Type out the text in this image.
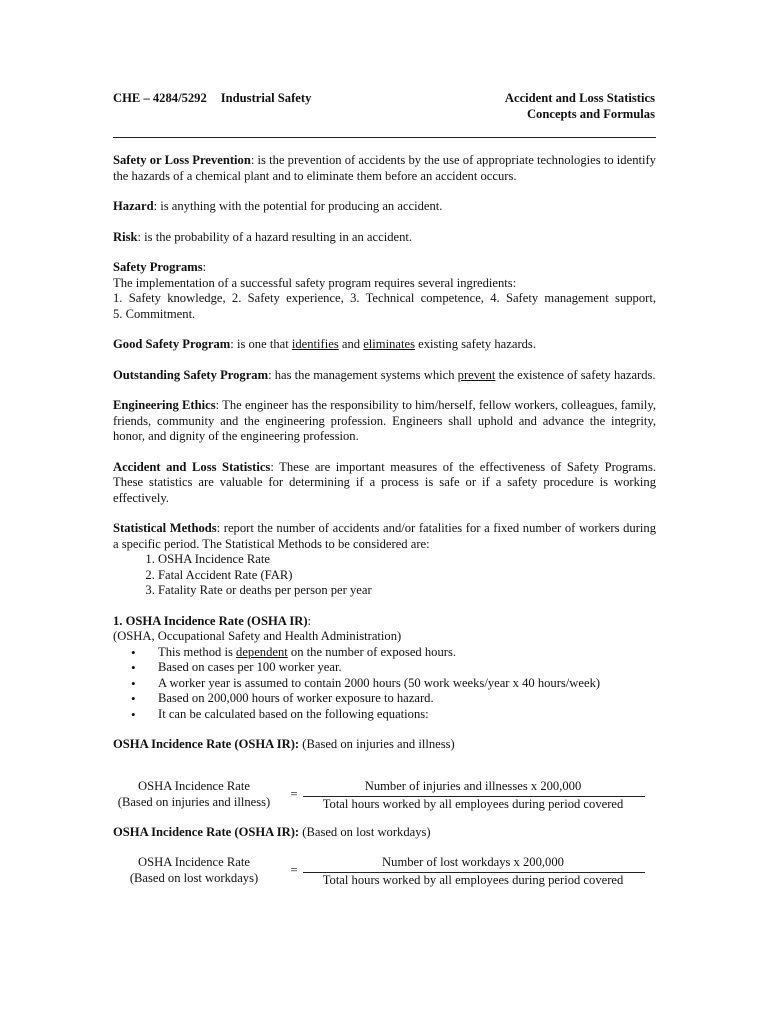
CHE – 4284/5292 Industrial Safety	Accident and Loss Statistics
Concepts and Formulas

Safety or Loss Prevention: is the prevention of accidents by the use of appropriate technologies to identify the hazards of a chemical plant and to eliminate them before an accident occurs.

Hazard: is anything with the potential for producing an accident.

Risk: is the probability of a hazard resulting in an accident.

Safety Programs:
The implementation of a successful safety program requires several ingredients:
1. Safety knowledge, 2. Safety experience, 3. Technical competence, 4. Safety management support,
5. Commitment.

Good Safety Program: is one that identifies and eliminates existing safety hazards.

Outstanding Safety Program: has the management systems which prevent the existence of safety hazards.

Engineering Ethics: The engineer has the responsibility to him/herself, fellow workers, colleagues, family, friends, community and the engineering profession. Engineers shall uphold and advance the integrity, honor, and dignity of the engineering profession.

Accident and Loss Statistics: These are important measures of the effectiveness of Safety Programs. These statistics are valuable for determining if a process is safe or if a safety procedure is working effectively.

Statistical Methods: report the number of accidents and/or fatalities for a fixed number of workers during a specific period. The Statistical Methods to be considered are:
1. OSHA Incidence Rate
2. Fatal Accident Rate (FAR)
3. Fatality Rate or deaths per person per year
1. OSHA Incidence Rate (OSHA IR):
(OSHA, Occupational Safety and Health Administration)
• This method is dependent on the number of exposed hours.
• Based on cases per 100 worker year.
• A worker year is assumed to contain 2000 hours (50 work weeks/year x 40 hours/week)
• Based on 200,000 hours of worker exposure to hazard.
• It can be calculated based on the following equations:

OSHA Incidence Rate (OSHA IR): (Based on injuries and illness)

OSHA Incidence Rate
(Based on injuries and illness)
=
Number of injuries and illnesses x 200,000
Total hours worked by all employees during period covered

OSHA Incidence Rate (OSHA IR): (Based on lost workdays)

OSHA Incidence Rate
(Based on lost workdays)
=
Number of lost workdays x 200,000
Total hours worked by all employees during period covered
